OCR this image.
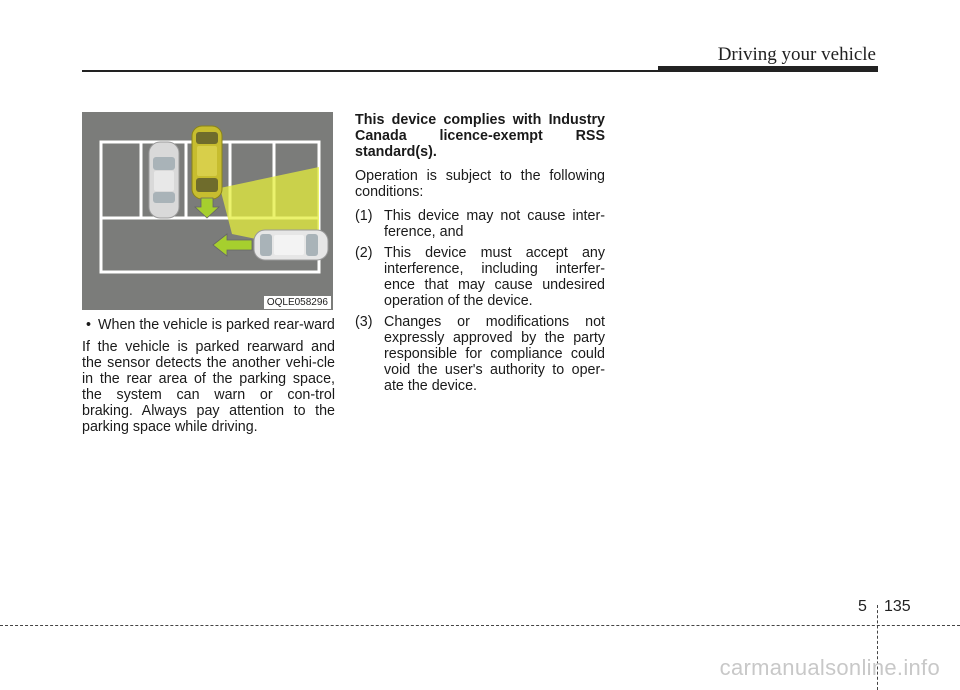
Driving your vehicle
OQLE058296
• When the vehicle is parked rear-ward

If the vehicle is parked rearward and the sensor detects the another vehi-cle in the rear area of the parking space, the system can warn or con-trol braking. Always pay attention to the parking space while driving.

This device complies with Industry Canada licence-exempt RSS standard(s).

Operation is subject to the following conditions:

(1) This device may not cause inter-ference, and
(2) This device must accept any interference, including interfer-ence that may cause undesired operation of the device.
(3) Changes or modifications not expressly approved by the party responsible for compliance could void the user's authority to oper-ate the device.
5 135
carmanualsonline.info
